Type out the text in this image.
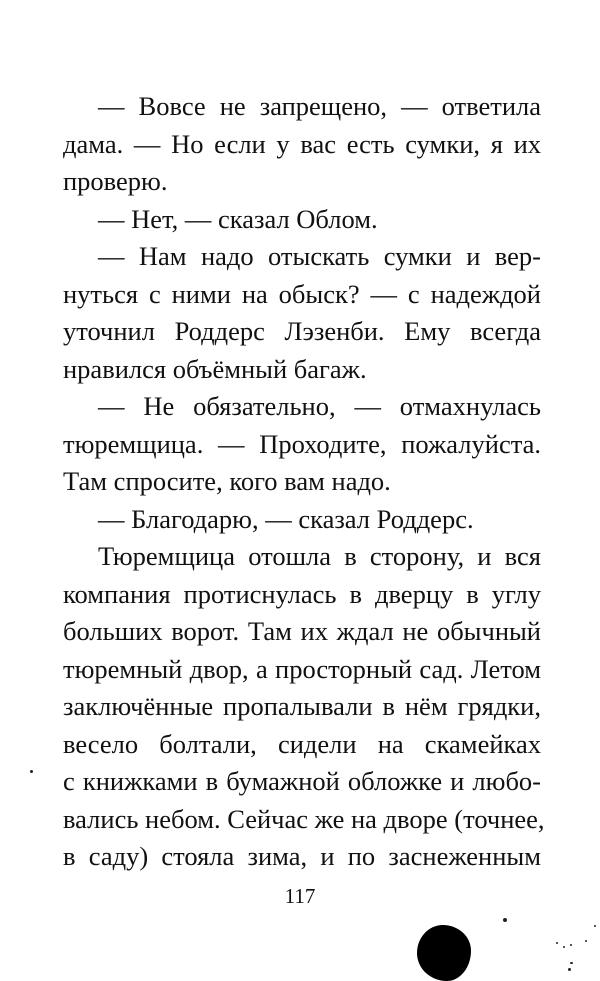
— Вовсе не запрещено, — ответила
дама. — Но если у вас есть сумки, я их
проверю.
— Нет, — сказал Облом.
— Нам надо отыскать сумки и вер-
нуться с ними на обыск? — с надеждой
уточнил Роддерс Лэзенби. Ему всегда
нравился объёмный багаж.
— Не обязательно, — отмахнулась
тюремщица. — Проходите, пожалуйста.
Там спросите, кого вам надо.
— Благодарю, — сказал Роддерс.
Тюремщица отошла в сторону, и вся
компания протиснулась в дверцу в углу
больших ворот. Там их ждал не обычный
тюремный двор, а просторный сад. Летом
заключённые пропалывали в нём грядки,
весело болтали, сидели на скамейках
с книжками в бумажной обложке и любо-
вались небом. Сейчас же на дворе (точнее,
в саду) стояла зима, и по заснеженным
117
